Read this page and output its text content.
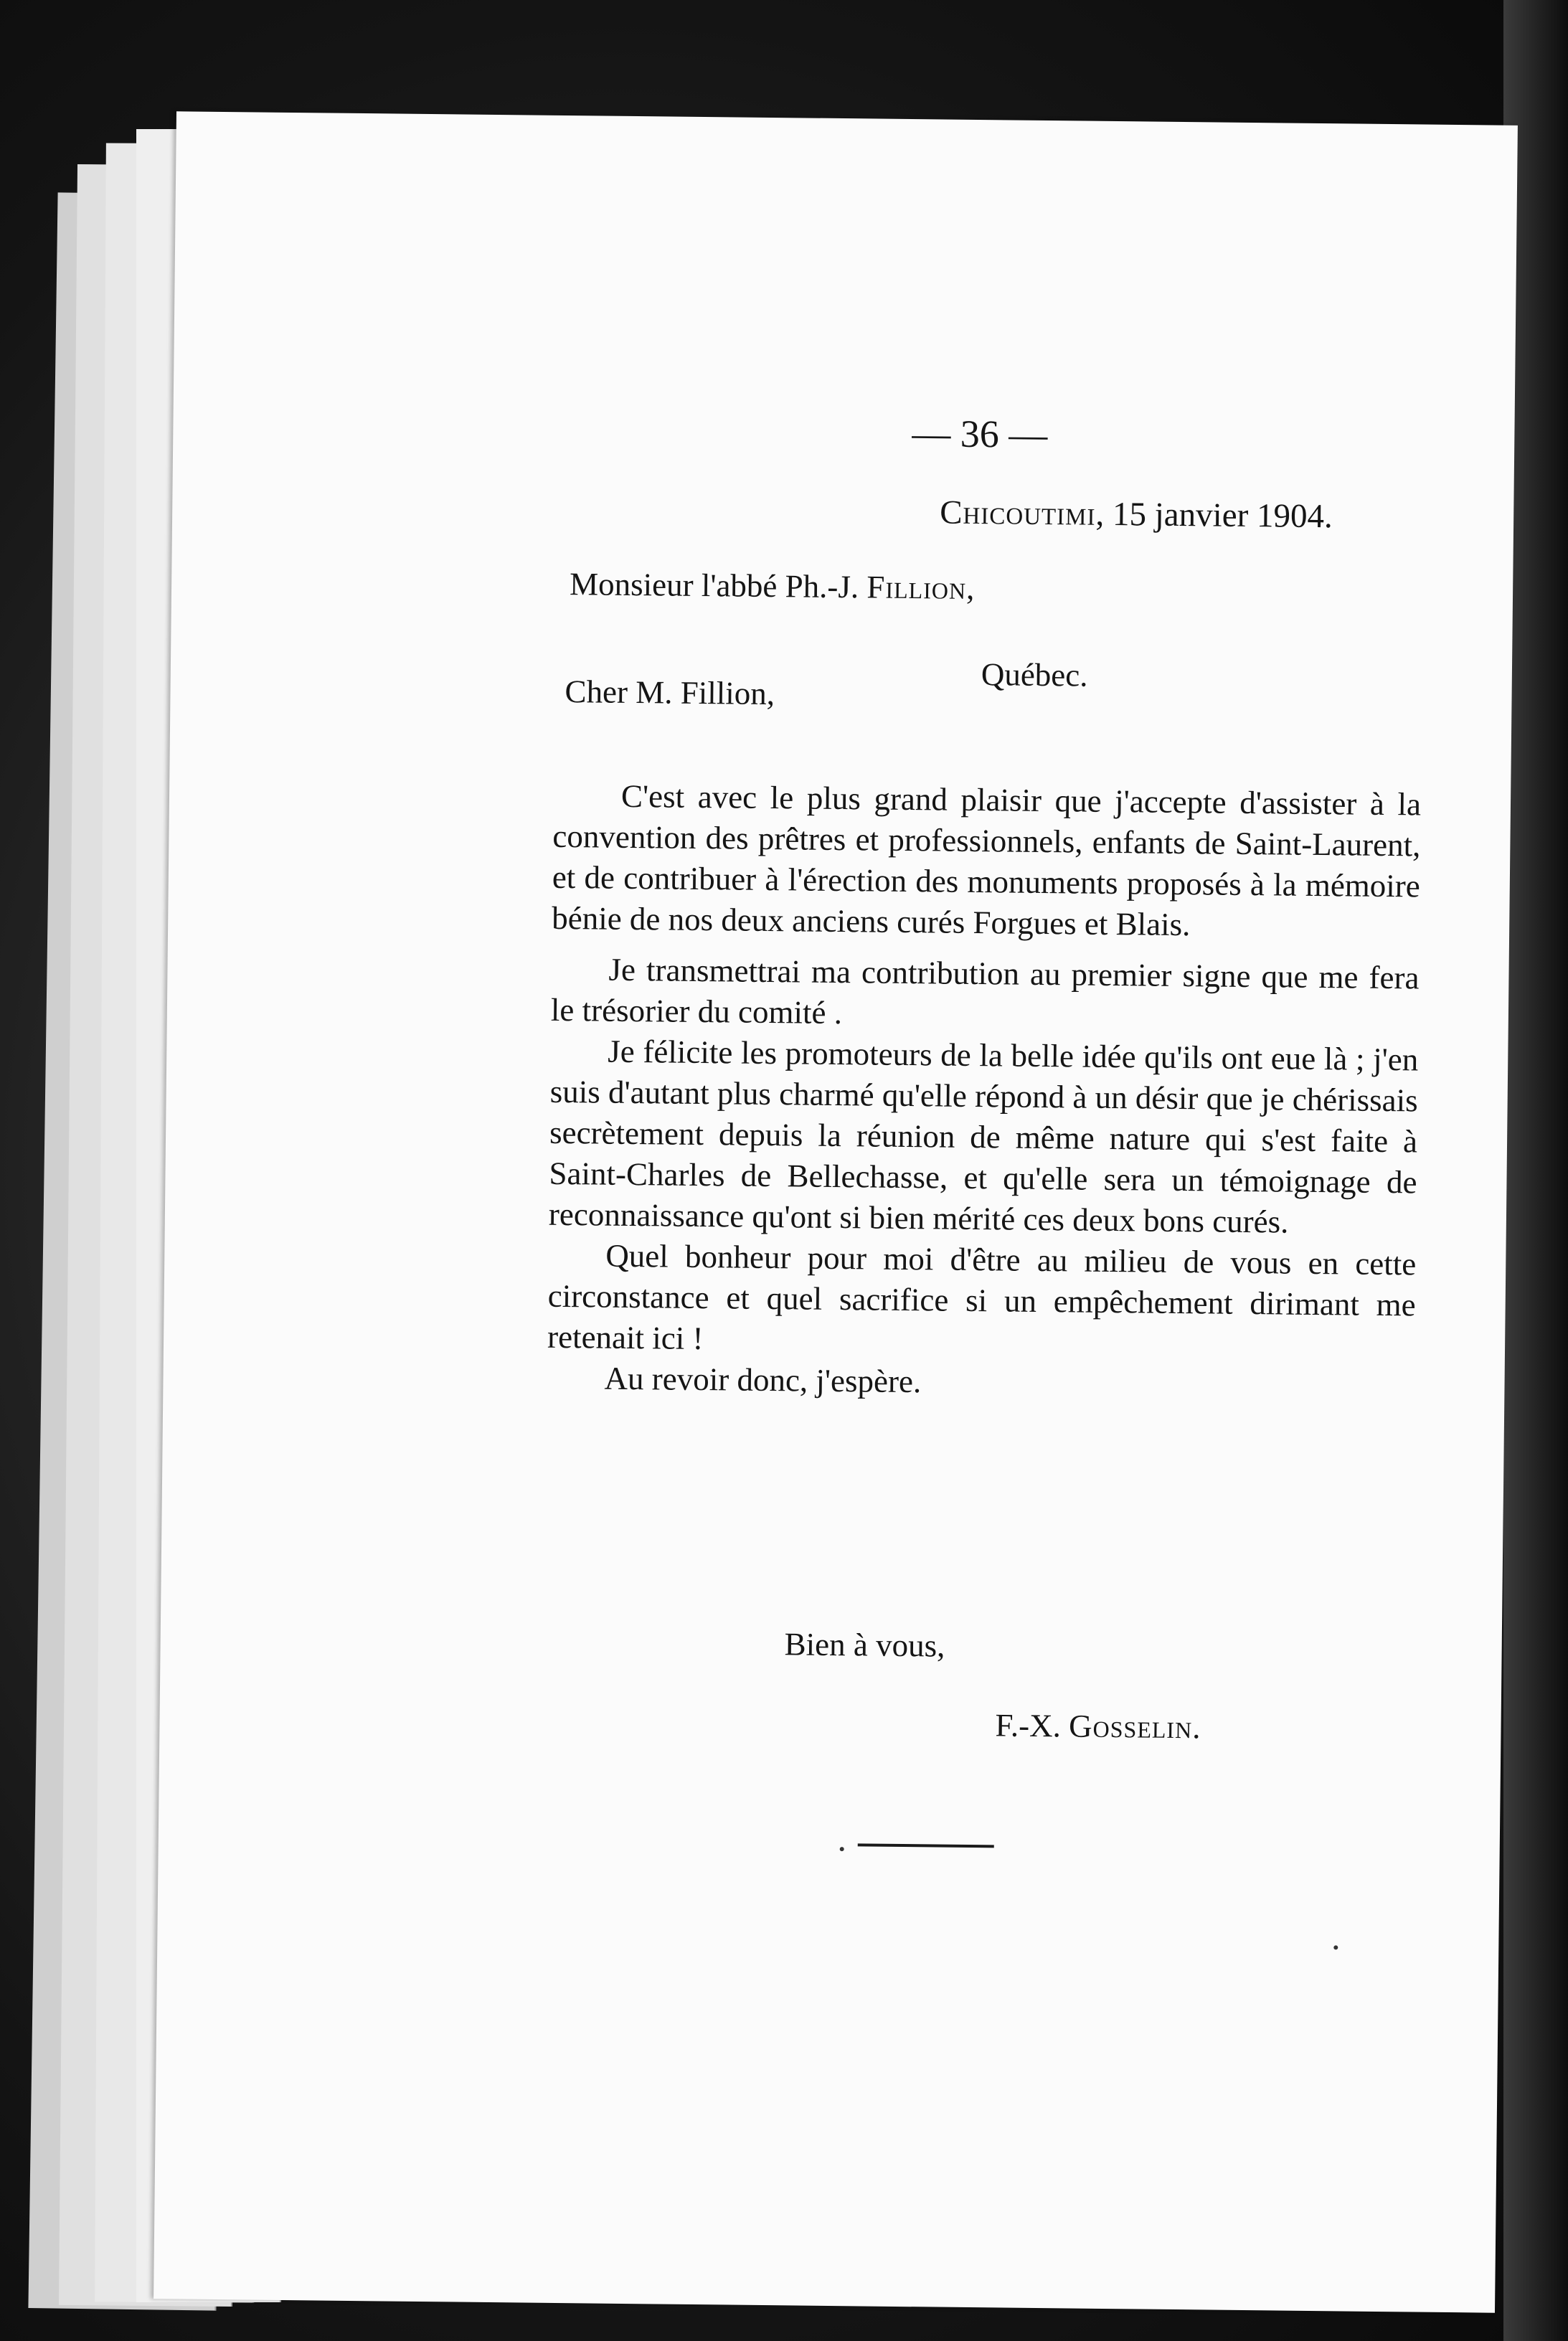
— 36 —
Chicoutimi, 15 janvier 1904.
Monsieur l'abbé Ph.-J. Fillion,
Cher M. Fillion,	Québec.

C'est avec le plus grand plaisir que j'accepte d'assister à la convention des prêtres et professionnels, enfants de Saint-Laurent, et de contribuer à l'érection des monuments proposés à la mémoire bénie de nos deux anciens curés Forgues et Blais.

Je transmettrai ma contribution au premier signe que me fera le trésorier du comité .

Je félicite les promoteurs de la belle idée qu'ils ont eue là ; j'en suis d'autant plus charmé qu'elle répond à un désir que je chérissais secrètement depuis la réunion de même nature qui s'est faite à Saint-Charles de Bellechasse, et qu'elle sera un témoignage de reconnaissance qu'ont si bien mérité ces deux bons curés.

Quel bonheur pour moi d'être au milieu de vous en cette circonstance et quel sacrifice si un empêchement dirimant me retenait ici !

Au revoir donc, j'espère.

Bien à vous,
F.-X. Gosselin.
